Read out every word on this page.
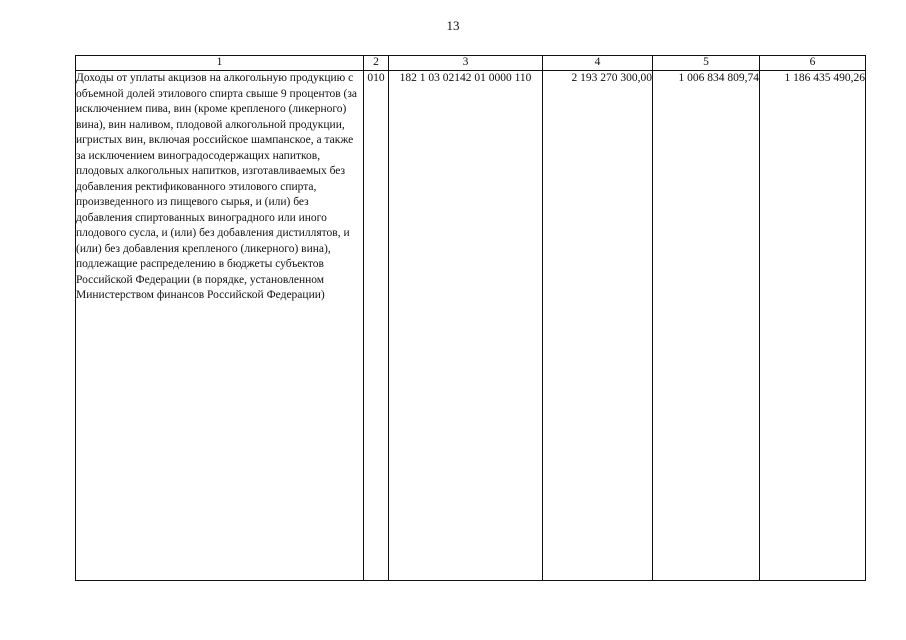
13
1	2	3	4	5	6
Доходы от уплаты акцизов на алкогольную продукцию с объемной долей этилового спирта свыше 9 процентов (за исключением пива, вин (кроме крепленого (ликерного) вина), вин наливом, плодовой алкогольной продукции, игристых вин, включая российское шампанское, а также за исключением виноградосодержащих напитков, плодовых алкогольных напитков, изготавливаемых без добавления ректификованного этилового спирта, произведенного из пищевого сырья, и (или) без добавления спиртованных виноградного или иного плодового сусла, и (или) без добавления дистиллятов, и (или) без добавления крепленого (ликерного) вина), подлежащие распределению в бюджеты субъектов Российской Федерации (в порядке, установленном Министерством финансов Российской Федерации)	010	182 1 03 02142 01 0000 110	2 193 270 300,00	1 006 834 809,74	1 186 435 490,26
